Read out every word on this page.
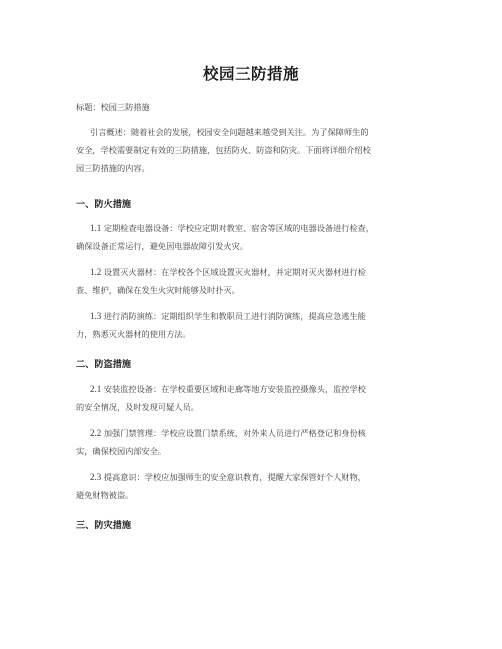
校园三防措施
标题：校园三防措施
引言概述：随着社会的发展，校园安全问题越来越受到关注。为了保障师生的
安全，学校需要制定有效的三防措施，包括防火、防盗和防灾。下面将详细介绍校
园三防措施的内容。
一、防火措施
1.1 定期检查电器设备：学校应定期对教室、宿舍等区域的电器设备进行检查，
确保设备正常运行，避免因电器故障引发火灾。
1.2 设置灭火器材：在学校各个区域设置灭火器材，并定期对灭火器材进行检
查、维护，确保在发生火灾时能够及时扑灭。
1.3 进行消防演练：定期组织学生和教职员工进行消防演练，提高应急逃生能
力，熟悉灭火器材的使用方法。
二、防盗措施
2.1 安装监控设备：在学校重要区域和走廊等地方安装监控摄像头，监控学校
的安全情况，及时发现可疑人员。
2.2 加强门禁管理：学校应设置门禁系统，对外来人员进行严格登记和身份核
实，确保校园内部安全。
2.3 提高意识：学校应加强师生的安全意识教育，提醒大家保管好个人财物，
避免财物被盗。
三、防灾措施
